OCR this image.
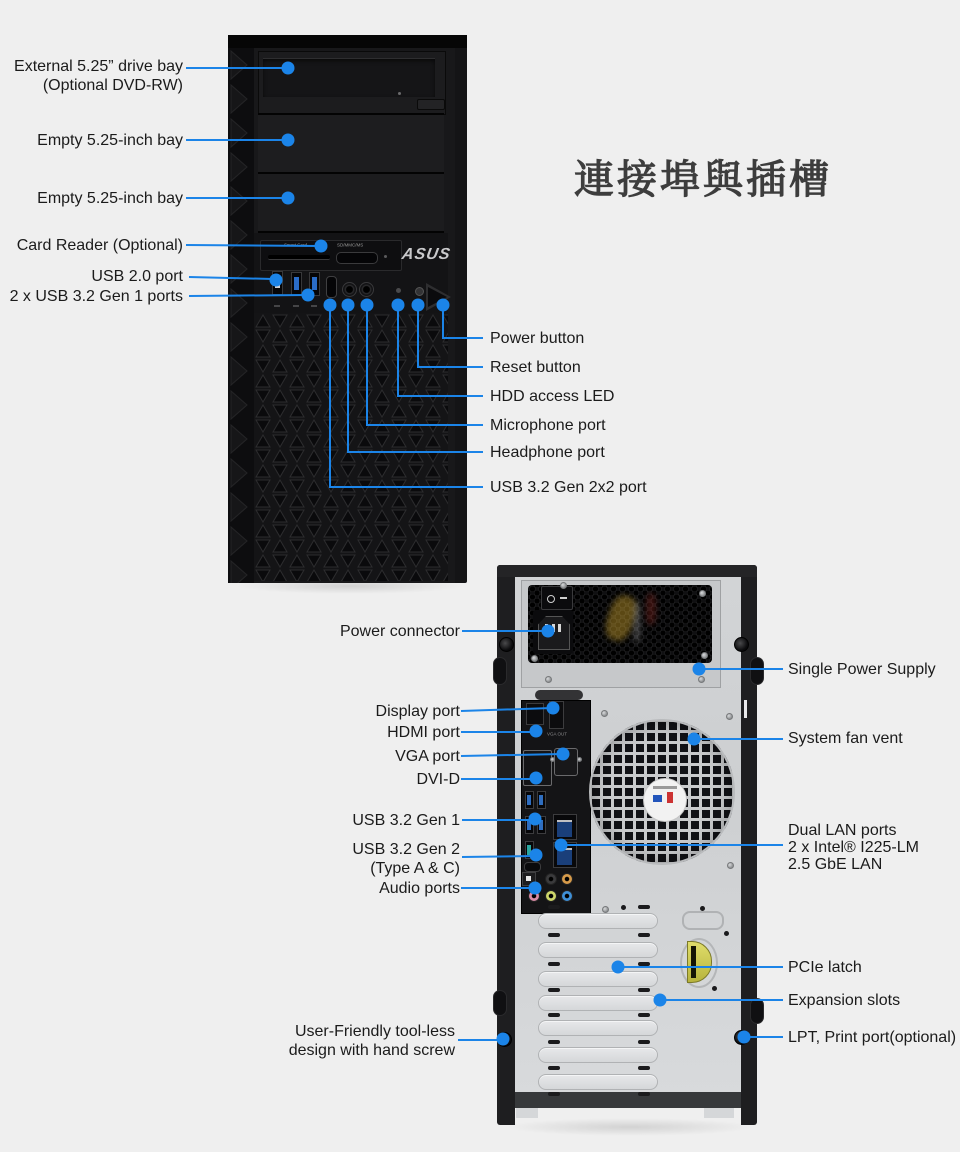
Smart Card	SD/MMC/MS
ASUS
VGA OUT
連接埠與插槽
External 5.25” drive bay
(Optional DVD-RW)
Empty 5.25-inch bay
Empty 5.25-inch bay
Card Reader (Optional)
USB 2.0 port
2 x USB 3.2 Gen 1 ports
Power button
Reset button
HDD access LED
Microphone port
Headphone port
USB 3.2 Gen 2x2 port
Power connector
Display port
HDMI port
VGA port
DVI-D
USB 3.2 Gen 1
USB 3.2 Gen 2
(Type A & C)
Audio ports
User-Friendly tool-less
design with hand screw
Single Power Supply
System fan vent
Dual LAN ports
2 x Intel® I225-LM
2.5 GbE LAN
PCIe latch
Expansion slots
LPT, Print port(optional)
